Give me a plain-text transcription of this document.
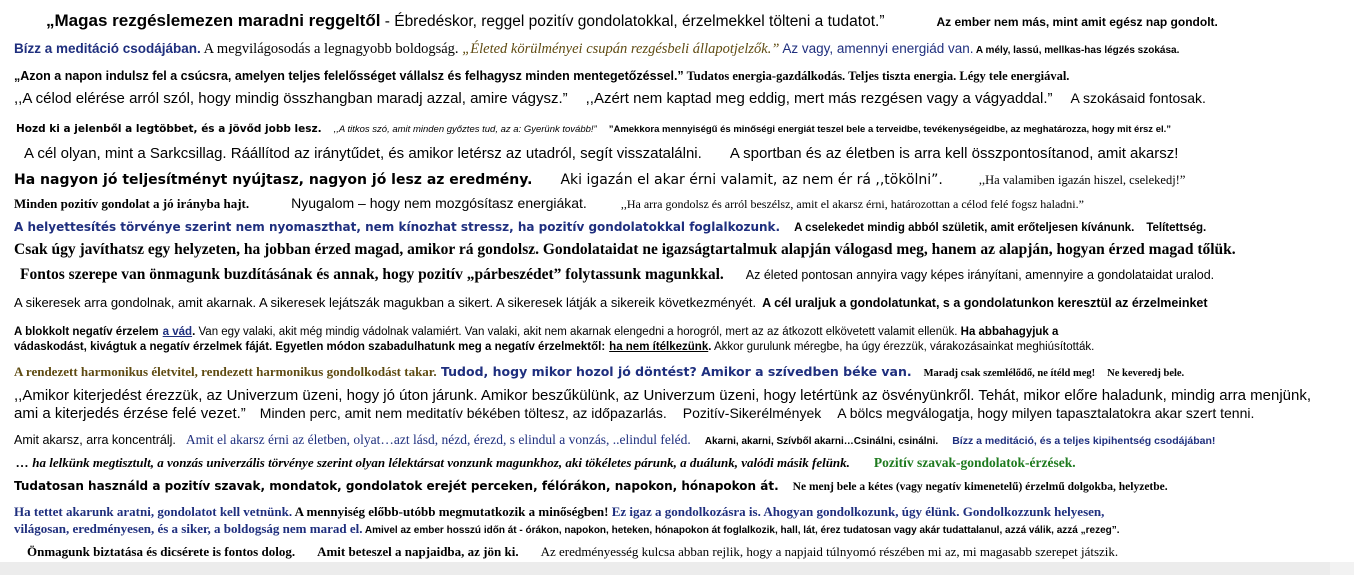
„Magas rezgéslemezen maradni reggeltől - Ébredéskor, reggel pozitív gondolatokkal, érzelmekkel tölteni a tudatot.”	Az ember nem más, mint amit egész nap gondolt.
Bízz a meditáció csodájában. A megvilágosodás a legnagyobb boldogság. „Életed körülményei csupán rezgésbeli állapotjelzők.” Az vagy, amennyi energiád van. A mély, lassú, mellkas-has légzés szokása.
„Azon a napon indulsz fel a csúcsra, amelyen teljes felelősséget vállalsz és felhagysz minden mentegetőzéssel.” Tudatos energia-gazdálkodás. Teljes tiszta energia. Légy tele energiával.
,,A célod elérése arról szól, hogy mindig összhangban maradj azzal, amire vágysz.” ,,Azért nem kaptad meg eddig, mert más rezgésen vagy a vágyaddal.” A szokásaid fontosak.
Hozd ki a jelenből a legtöbbet, és a jövőd jobb lesz. ,,A titkos szó, amit minden győztes tud, az a: Gyerünk tovább!” ”Amekkora mennyiségű és minőségi energiát teszel bele a terveidbe, tevékenységeidbe, az meghatározza, hogy mit érsz el.”
A cél olyan, mint a Sarkcsillag. Ráállítod az iránytűdet, és amikor letérsz az utadról, segít visszatalálni. A sportban és az életben is arra kell összpontosítanod, amit akarsz!
Ha nagyon jó teljesítményt nyújtasz, nagyon jó lesz az eredmény. Aki igazán el akar érni valamit, az nem ér rá ,,tökölni”.	,,Ha valamiben igazán hiszel, cselekedj!”
Minden pozitív gondolat a jó irányba hajt.	Nyugalom – hogy nem mozgósítasz energiákat.	,,Ha arra gondolsz és arról beszélsz, amit el akarsz érni, határozottan a célod felé fogsz haladni.”
A helyettesítés törvénye szerint nem nyomaszthat, nem kínozhat stressz, ha pozitív gondolatokkal foglalkozunk. A cselekedet mindig abból születik, amit erőteljesen kívánunk. Telítettség.
Csak úgy javíthatsz egy helyzeten, ha jobban érzed magad, amikor rá gondolsz. Gondolataidat ne igazságtartalmuk alapján válogasd meg, hanem az alapján, hogyan érzed magad tőlük.
Fontos szerepe van önmagunk buzdításának és annak, hogy pozitív „párbeszédet” folytassunk magunkkal. Az életed pontosan annyira vagy képes irányítani, amennyire a gondolataidat uralod.
A sikeresek arra gondolnak, amit akarnak. A sikeresek lejátszák magukban a sikert. A sikeresek látják a sikereik következményét. A cél uraljuk a gondolatunkat, s a gondolatunkon keresztül az érzelmeinket
A blokkolt negatív érzelem a vád. Van egy valaki, akit még mindig vádolnak valamiért. Van valaki, akit nem akarnak elengedni a horogról, mert az az átkozott elkövetett valamit ellenük. Ha abbahagyjuk a
vádaskodást, kivágtuk a negatív érzelmek fáját. Egyetlen módon szabadulhatunk meg a negatív érzelmektől: ha nem ítélkezünk. Akkor gurulunk méregbe, ha úgy érezzük, várakozásainkat meghiúsították.
A rendezett harmonikus életvitel, rendezett harmonikus gondolkodást takar. Tudod, hogy mikor hozol jó döntést? Amikor a szívedben béke van. Maradj csak szemlélődő, ne ítéld meg! Ne keveredj bele.
,,Amikor kiterjedést érezzük, az Univerzum üzeni, hogy jó úton járunk. Amikor beszűkülünk, az Univerzum üzeni, hogy letértünk az ösvényünkről. Tehát, mikor előre haladunk, mindig arra menjünk,
ami a kiterjedés érzése felé vezet.” Minden perc, amit nem meditatív békében töltesz, az időpazarlás. Pozitív-Sikerélmények A bölcs megválogatja, hogy milyen tapasztalatokra akar szert tenni.
Amit akarsz, arra koncentrálj. Amit el akarsz érni az életben, olyat…azt lásd, nézd, érezd, s elindul a vonzás, ..elindul feléd. Akarni, akarni, Szívből akarni…Csinálni, csinálni. Bízz a meditáció, és a teljes kipihentség csodájában!
… ha lelkünk megtisztult, a vonzás univerzális törvénye szerint olyan lélektársat vonzunk magunkhoz, aki tökéletes párunk, a duálunk, valódi másik felünk. Pozitív szavak-gondolatok-érzések.
Tudatosan használd a pozitív szavak, mondatok, gondolatok erejét perceken, félórákon, napokon, hónapokon át. Ne menj bele a kétes (vagy negatív kimenetelű) érzelmű dolgokba, helyzetbe.
Ha tettet akarunk aratni, gondolatot kell vetnünk. A mennyiség előbb-utóbb megmutatkozik a minőségben! Ez igaz a gondolkozásra is. Ahogyan gondolkozunk, úgy élünk. Gondolkozzunk helyesen,
világosan, eredményesen, és a siker, a boldogság nem marad el. Amivel az ember hosszú időn át - órákon, napokon, heteken, hónapokon át foglalkozik, hall, lát, érez tudatosan vagy akár tudattalanul, azzá válik, azzá „rezeg”.
Önmagunk biztatása és dicsérete is fontos dolog. Amit beteszel a napjaidba, az jön ki. Az eredményesség kulcsa abban rejlik, hogy a napjaid túlnyomó részében mi az, mi magasabb szerepet játszik.
